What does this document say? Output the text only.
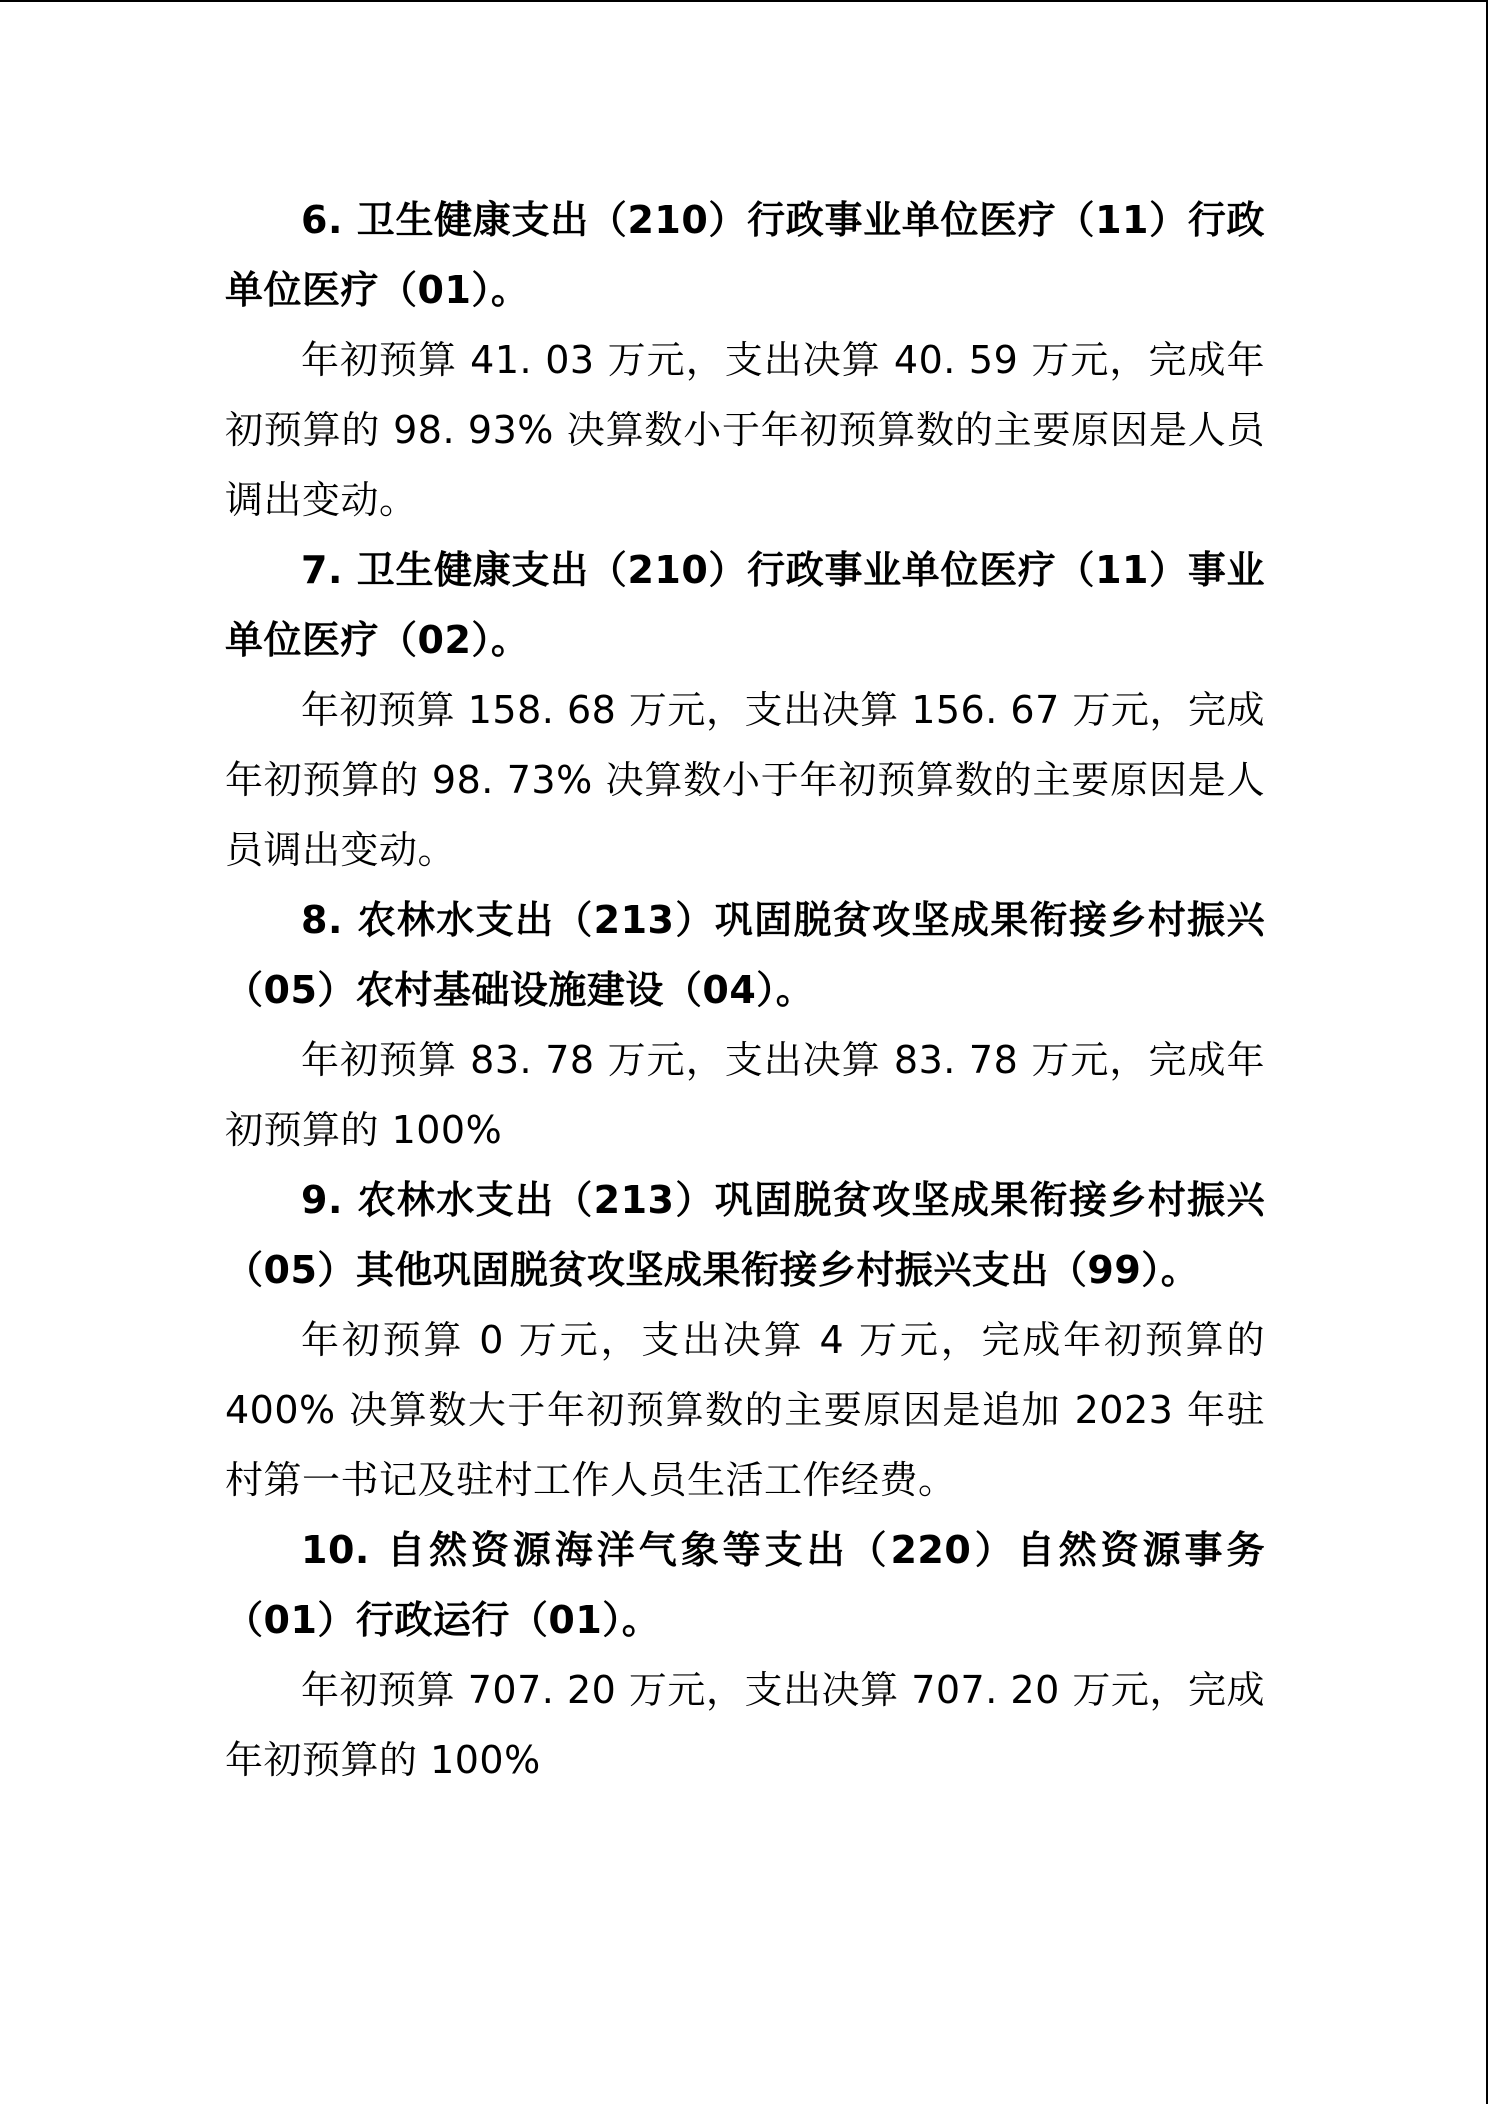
6. 卫生健康支出（210）行政事业单位医疗（11）行政单位医疗（01）。

年初预算 41. 03 万元，支出决算 40. 59 万元，完成年初预算的 98. 93% 决算数小于年初预算数的主要原因是人员调出变动。

7. 卫生健康支出（210）行政事业单位医疗（11）事业单位医疗（02）。

年初预算 158. 68 万元，支出决算 156. 67 万元，完成年初预算的 98. 73% 决算数小于年初预算数的主要原因是人员调出变动。

8. 农林水支出（213）巩固脱贫攻坚成果衔接乡村振兴（05）农村基础设施建设（04）。

年初预算 83. 78 万元，支出决算 83. 78 万元，完成年初预算的 100%

9. 农林水支出（213）巩固脱贫攻坚成果衔接乡村振兴（05）其他巩固脱贫攻坚成果衔接乡村振兴支出（99）。

年初预算 0 万元，支出决算 4 万元，完成年初预算的 400% 决算数大于年初预算数的主要原因是追加 2023 年驻村第一书记及驻村工作人员生活工作经费。

10. 自然资源海洋气象等支出（220）自然资源事务（01）行政运行（01）。

年初预算 707. 20 万元，支出决算 707. 20 万元，完成年初预算的 100%
